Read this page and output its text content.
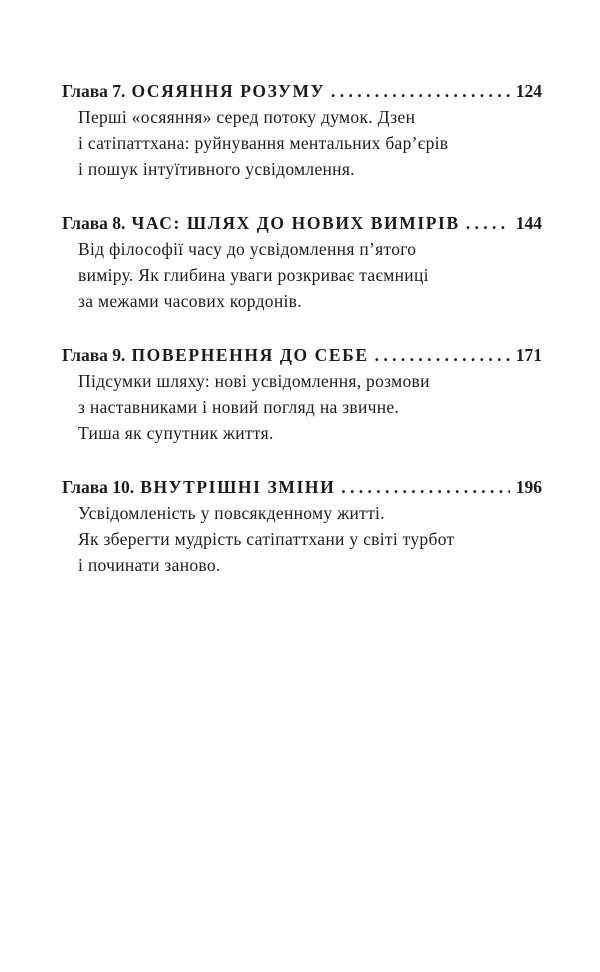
Глава 7. ОСЯЯННЯ РОЗУМУ . . .	124
Перші «осяяння» серед потоку думок. Дзен
і сатіпаттхана: руйнування ментальних бар’єрів
і пошук інтуїтивного усвідомлення.
Глава 8. ЧАС: ШЛЯХ ДО НОВИХ ВИМІРІВ . . .	144
Від філософії часу до усвідомлення п’ятого
виміру. Як глибина уваги розкриває таємниці
за межами часових кордонів.
Глава 9. ПОВЕРНЕННЯ ДО СЕБЕ . . .	171
Підсумки шляху: нові усвідомлення, розмови
з наставниками і новий погляд на звичне.
Тиша як супутник життя.
Глава 10. ВНУТРІШНІ ЗМІНИ . . .	196
Усвідомленість у повсякденному житті.
Як зберегти мудрість сатіпаттхани у світі турбот
і починати заново.
